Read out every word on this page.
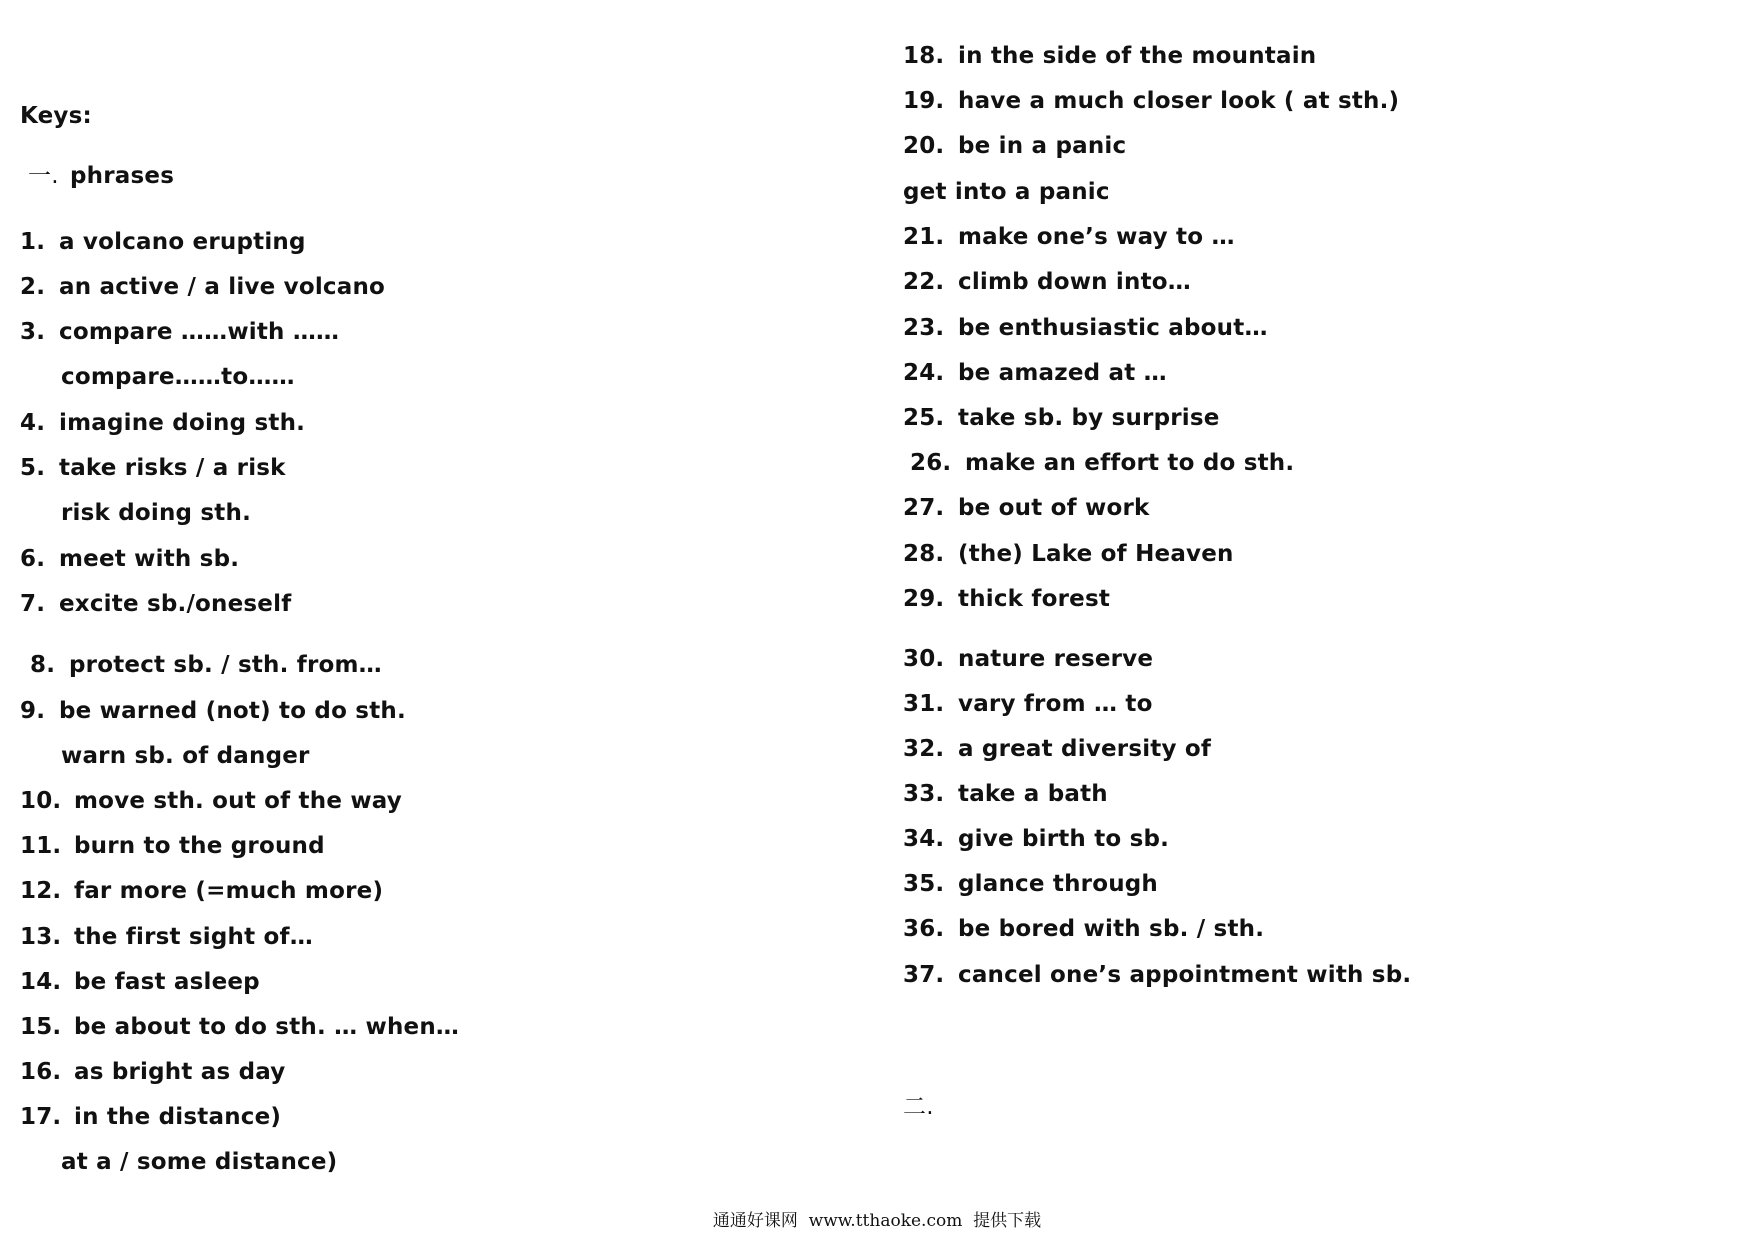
Keys:
一. phrases
1. a volcano erupting
2. an active / a live volcano
3. compare ……with ……
compare……to……
4. imagine doing sth.
5. take risks / a risk
risk doing sth.
6. meet with sb.
7. excite sb./oneself
8. protect sb. / sth. from…
9. be warned (not) to do sth.
warn sb. of danger
10. move sth. out of the way
11. burn to the ground
12. far more (=much more)
13. the first sight of…
14. be fast asleep
15. be about to do sth. … when…
16. as bright as day
17.in the distance)
at a / some distance)
18. in the side of the mountain
19. have a much closer look ( at sth.)
20. be in a panic
get into a panic
21. make one’s way to …
22. climb down into…
23. be enthusiastic about…
24. be amazed at …
25. take sb. by surprise
26. make an effort to do sth.
27. be out of work
28. (the) Lake of Heaven
29. thick forest
30. nature reserve
31. vary from … to
32. a great diversity of
33. take a bath
34. give birth to sb.
35. glance through
36. be bored with sb. / sth.
37. cancel one’s appointment with sb.
二.
通通好课网  www.tthaoke.com  提供下载
